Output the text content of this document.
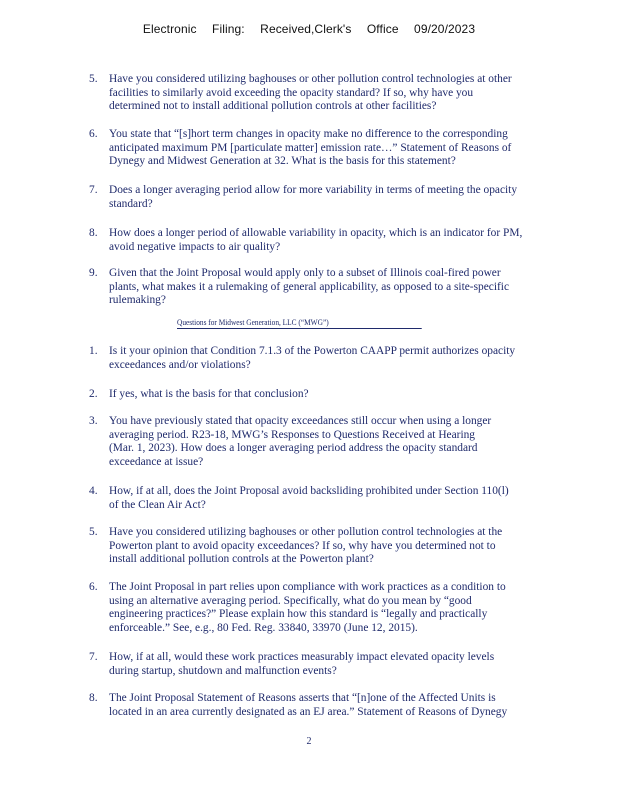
Electronic Filing: Received,Clerk's Office 09/20/2023
5.	Have you considered utilizing baghouses or other pollution control technologies at other
facilities to similarly avoid exceeding the opacity standard? If so, why have you
determined not to install additional pollution controls at other facilities?
6.	You state that “[s]hort term changes in opacity make no difference to the corresponding
anticipated maximum PM [particulate matter] emission rate…” Statement of Reasons of
Dynegy and Midwest Generation at 32. What is the basis for this statement?
7.	Does a longer averaging period allow for more variability in terms of meeting the opacity
standard?
8.	How does a longer period of allowable variability in opacity, which is an indicator for PM,
avoid negative impacts to air quality?
9.	Given that the Joint Proposal would apply only to a subset of Illinois coal-fired power
plants, what makes it a rulemaking of general applicability, as opposed to a site-specific
rulemaking?
Questions for Midwest Generation, LLC (“MWG”)
1.	Is it your opinion that Condition 7.1.3 of the Powerton CAAPP permit authorizes opacity
exceedances and/or violations?
2.	If yes, what is the basis for that conclusion?
3.	You have previously stated that opacity exceedances still occur when using a longer
averaging period. R23-18, MWG’s Responses to Questions Received at Hearing
(Mar. 1, 2023). How does a longer averaging period address the opacity standard
exceedance at issue?
4.	How, if at all, does the Joint Proposal avoid backsliding prohibited under Section 110(l)
of the Clean Air Act?
5.	Have you considered utilizing baghouses or other pollution control technologies at the
Powerton plant to avoid opacity exceedances? If so, why have you determined not to
install additional pollution controls at the Powerton plant?
6.	The Joint Proposal in part relies upon compliance with work practices as a condition to
using an alternative averaging period. Specifically, what do you mean by “good
engineering practices?” Please explain how this standard is “legally and practically
enforceable.” See, e.g., 80 Fed. Reg. 33840, 33970 (June 12, 2015).
7.	How, if at all, would these work practices measurably impact elevated opacity levels
during startup, shutdown and malfunction events?
8.	The Joint Proposal Statement of Reasons asserts that “[n]one of the Affected Units is
located in an area currently designated as an EJ area.” Statement of Reasons of Dynegy
2
